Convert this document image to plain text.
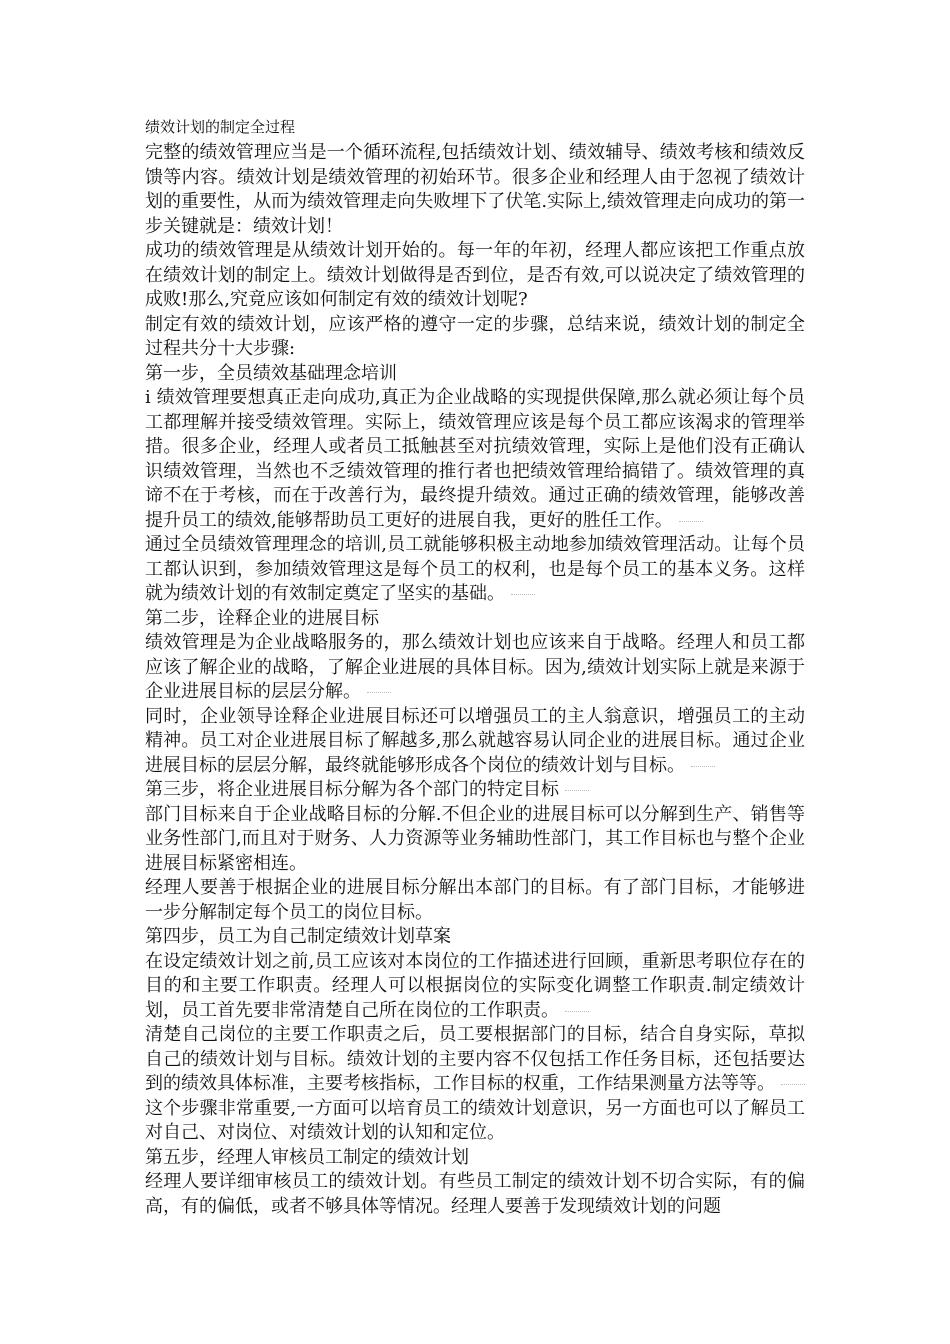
绩效计划的制定全过程

完整的绩效管理应当是一个循环流程,包括绩效计划、绩效辅导、绩效考核和绩效反馈等内容。绩效计划是绩效管理的初始环节。很多企业和经理人由于忽视了绩效计划的重要性，从而为绩效管理走向失败埋下了伏笔.实际上,绩效管理走向成功的第一步关键就是：绩效计划！

成功的绩效管理是从绩效计划开始的。每一年的年初，经理人都应该把工作重点放在绩效计划的制定上。绩效计划做得是否到位，是否有效,可以说决定了绩效管理的成败!那么,究竟应该如何制定有效的绩效计划呢?

制定有效的绩效计划，应该严格的遵守一定的步骤，总结来说，绩效计划的制定全过程共分十大步骤:

第一步，全员绩效基础理念培训

i 绩效管理要想真正走向成功,真正为企业战略的实现提供保障,那么就必须让每个员工都理解并接受绩效管理。实际上，绩效管理应该是每个员工都应该渴求的管理举措。很多企业，经理人或者员工抵触甚至对抗绩效管理，实际上是他们没有正确认识绩效管理，当然也不乏绩效管理的推行者也把绩效管理给搞错了。绩效管理的真谛不在于考核，而在于改善行为，最终提升绩效。通过正确的绩效管理，能够改善提升员工的绩效,能够帮助员工更好的进展自我，更好的胜任工作。

通过全员绩效管理理念的培训,员工就能够积极主动地参加绩效管理活动。让每个员工都认识到，参加绩效管理这是每个员工的权利，也是每个员工的基本义务。这样就为绩效计划的有效制定奠定了坚实的基础。

第二步，诠释企业的进展目标

绩效管理是为企业战略服务的，那么绩效计划也应该来自于战略。经理人和员工都应该了解企业的战略，了解企业进展的具体目标。因为,绩效计划实际上就是来源于企业进展目标的层层分解。

同时，企业领导诠释企业进展目标还可以增强员工的主人翁意识，增强员工的主动精神。员工对企业进展目标了解越多,那么就越容易认同企业的进展目标。通过企业进展目标的层层分解，最终就能够形成各个岗位的绩效计划与目标。

第三步，将企业进展目标分解为各个部门的特定目标

部门目标来自于企业战略目标的分解.不但企业的进展目标可以分解到生产、销售等业务性部门,而且对于财务、人力资源等业务辅助性部门，其工作目标也与整个企业进展目标紧密相连。

经理人要善于根据企业的进展目标分解出本部门的目标。有了部门目标，才能够进一步分解制定每个员工的岗位目标。

第四步，员工为自己制定绩效计划草案

在设定绩效计划之前,员工应该对本岗位的工作描述进行回顾，重新思考职位存在的目的和主要工作职责。经理人可以根据岗位的实际变化调整工作职责.制定绩效计划，员工首先要非常清楚自己所在岗位的工作职责。

清楚自己岗位的主要工作职责之后，员工要根据部门的目标，结合自身实际，草拟自己的绩效计划与目标。绩效计划的主要内容不仅包括工作任务目标，还包括要达到的绩效具体标准，主要考核指标，工作目标的权重，工作结果测量方法等等。

这个步骤非常重要,一方面可以培育员工的绩效计划意识，另一方面也可以了解员工对自己、对岗位、对绩效计划的认知和定位。

第五步，经理人审核员工制定的绩效计划

经理人要详细审核员工的绩效计划。有些员工制定的绩效计划不切合实际，有的偏高，有的偏低，或者不够具体等情况。经理人要善于发现绩效计划的问题
